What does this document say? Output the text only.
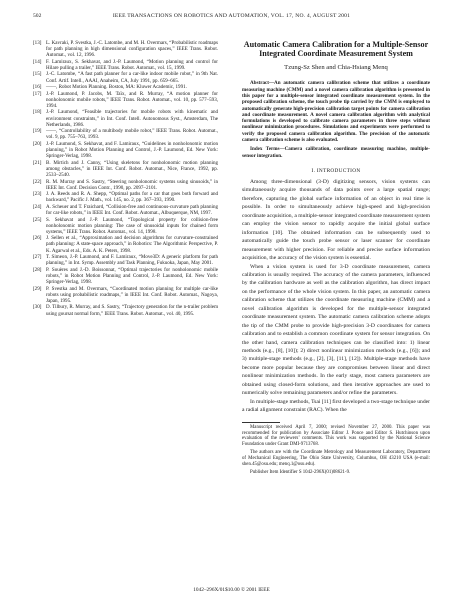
502	IEEE TRANSACTIONS ON ROBOTICS AND AUTOMATION, VOL. 17, NO. 4, AUGUST 2001
[13] L. Kavraki, P. Svestka, J.-C. Latombe, and M. H. Overmars, “Probabilistic roadmaps for path planning in high dimensional configuration spaces,” IEEE Trans. Robot. Automat., vol. 12, 1996.
[14] F. Lamiraux, S. Sekhavat, and J.-P. Laumond, “Motion planning and control for Hilare pulling a trailer,” IEEE Trans. Robot. Automat., vol. 15, 1999.
[15] J.-C. Latombe, “A fast path planner for a car-like indoor mobile robot,” in 9th Nat. Conf. Artif. Intell., AAAI, Anaheim, CA, July 1991, pp. 659–665.
[16] ——, Robot Motion Planning. Boston, MA: Kluwer Academic, 1991.
[17] J.-P. Laumond, P. Jacobs, M. Taïx, and R. Murray, “A motion planner for nonholonomic mobile robots,” IEEE Trans. Robot. Automat., vol. 10, pp. 577–593, 1994.
[18] J.-P. Laumond, “Feasible trajectories for mobile robots with kinematic and environment constraints,” in Int. Conf. Intell. Autonomous Syst., Amsterdam, The Netherlands, 1986.
[19] ——, “Controllability of a multibody mobile robot,” IEEE Trans. Robot. Automat., vol. 9, pp. 755–763, 1993.
[20] J.-P. Laumond, S. Sekhavat, and F. Lamiraux, “Guidelines in nonholonomic motion planning,” in Robot Motion Planning and Control, J.-P. Laumond, Ed. New York: Springer-Verlag, 1998.
[21] B. Mirtich and J. Canny, “Using skeletons for nonholonomic motion planning among obstacles,” in IEEE Int. Conf. Robot. Automat., Nice, France, 1992, pp. 2533–2540.
[22] R. M. Murray and S. Sastry, “Steering nonholonomic systems using sinusoids,” in IEEE Int. Conf. Decision Contr., 1990, pp. 2097–2101.
[23] J. A. Reeds and R. A. Shepp, “Optimal paths for a car that goes both forward and backward,” Pacific J. Math., vol. 145, no. 2, pp. 367–393, 1990.
[24] A. Scheuer and T. Fraichard, “Collision-free and continuous-curvature path planning for car-like robots,” in IEEE Int. Conf. Robot. Automat., Albuquerque, NM, 1997.
[25] S. Sekhavat and J.-P. Laumond, “Topological property for collision-free nonholonomic motion planning: The case of sinusoidal inputs for chained form systems,” IEEE Trans. Robot. Automat., vol. 14, 1998.
[26] J. Sellen et al., “Approximation and decision algorithms for curvature-constrained path planning: A state-space approach,” in Robotics: The Algorithmic Perspective, P. K. Agarwal et al., Eds. A. K. Peters, 1998.
[27] T. Simeon, J.-P. Laumond, and F. Lamiraux, “Move3D: A generic platform for path planning,” in Int. Symp. Assembly and Task Planning, Fukuoka, Japan, May 2001.
[28] P. Souères and J.-D. Boissonnat, “Optimal trajectories for nonholonomic mobile robots,” in Robot Motion Planning and Control, J.-P. Laumond, Ed. New York: Springer-Verlag, 1998.
[29] P. Svestka and M. Overmars, “Coordinated motion planning for multiple car-like robots using probabilistic roadmaps,” in IEEE Int. Conf. Robot. Automat., Nagoya, Japan, 1995.
[30] D. Tilbury, R. Murray, and S. Sastry, “Trajectory generation for the n-trailer problem using goursat normal form,” IEEE Trans. Robot. Automat., vol. 40, 1995.
Automatic Camera Calibration for a Multiple-Sensor Integrated Coordinate Measurement System
Tzung-Sz Shen and Chia-Hsiang Menq
Abstract—An automatic camera calibration scheme that utilizes a coordinate measuring machine (CMM) and a novel camera calibration algorithm is presented in this paper for a multiple-sensor integrated coordinate measurement system. In the proposed calibration scheme, the touch probe tip carried by the CMM is employed to automatically generate high-precision calibration target points for camera calibration and coordinate measurement. A novel camera calibration algorithm with analytical formulations is developed to calibrate camera parameters in three steps without nonlinear minimization procedures. Simulations and experiments were performed to verify the proposed camera calibration algorithm. The precision of the automatic camera calibration scheme is also evaluated.
Index Terms—Camera calibration, coordinate measuring machine, multiple-sensor integration.
I. INTRODUCTION

Among three-dimensional (3-D) digitizing sensors, vision systems can simultaneously acquire thousands of data points over a large spatial range; therefore, capturing the global surface information of an object in real time is possible. In order to simultaneously achieve high-speed and high-precision coordinate acquisition, a multiple-sensor integrated coordinate measurement system can employ the vision sensor to rapidly acquire the initial global surface information [10]. The obtained information can be subsequently used to automatically guide the touch probe sensor or laser scanner for coordinate measurement with higher precision. For reliable and precise surface information acquisition, the accuracy of the vision system is essential.

When a vision system is used for 3-D coordinate measurement, camera calibration is usually required. The accuracy of the camera parameters, influenced by the calibration hardware as well as the calibration algorithm, has direct impact on the performance of the whole vision system. In this paper, an automatic camera calibration scheme that utilizes the coordinate measuring machine (CMM) and a novel calibration algorithm is developed for the multiple-sensor integrated coordinate measurement system. The automatic camera calibration scheme adopts the tip of the CMM probe to provide high-precision 3-D coordinates for camera calibration and to establish a common coordinate system for sensor integration. On the other hand, camera calibration techniques can be classified into: 1) linear methods (e.g., [8], [10]); 2) direct nonlinear minimization methods (e.g., [6]); and 3) multiple-stage methods (e.g., [2], [3], [11], [12]). Multiple-stage methods have become more popular because they are compromises between linear and direct nonlinear minimization methods. In the early stage, most camera parameters are obtained using closed-form solutions, and then iterative approaches are used to numerically solve remaining parameters and/or refine the parameters.

In multiple-stage methods, Tsai [11] first developed a two-stage technique under a radial alignment constraint (RAC). When the

Manuscript received April 7, 2000; revised November 27, 2000. This paper was recommended for publication by Associate Editor J. Ponce and Editor S. Hutchinson upon evaluation of the reviewers’ comments. This work was supported by the National Science Foundation under Grant DMI-9713768.

The authors are with the Coordinate Metrology and Measurement Laboratory, Department of Mechanical Engineering, The Ohio State University, Columbus, OH 43210 USA (e-mail: shen.45@osu.edu; menq.1@osu.edu).

Publisher Item Identifier S 1042-296X(01)08621-9.

1042–296X/01$10.00 © 2001 IEEE
